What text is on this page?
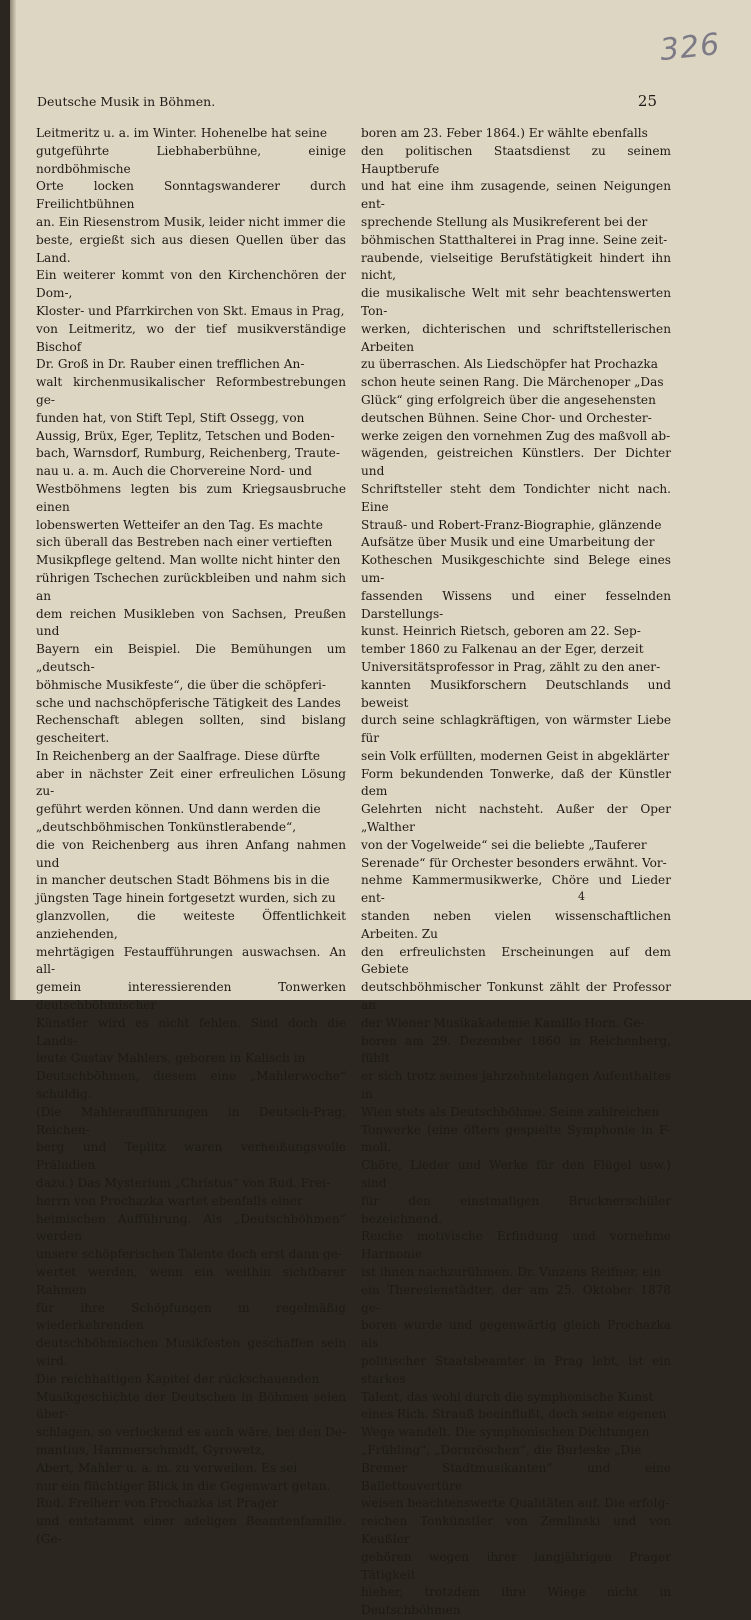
326
Deutsche Musik in Böhmen.	25
Leitmeritz u. a. im Winter. Hohenelbe hat seine
gutgeführte Liebhaberbühne, einige nordböhmische
Orte locken Sonntagswanderer durch Freilichtbühnen
an. Ein Riesenstrom Musik, leider nicht immer die
beste, ergießt sich aus diesen Quellen über das Land.
Ein weiterer kommt von den Kirchenchören der Dom-,
Kloster- und Pfarrkirchen von Skt. Emaus in Prag,
von Leitmeritz, wo der tief musikverständige Bischof
Dr. Groß in Dr. Rauber einen trefflichen An-
walt kirchenmusikalischer Reformbestrebungen ge-
funden hat, von Stift Tepl, Stift Ossegg, von
Aussig, Brüx, Eger, Teplitz, Tetschen und Boden-
bach, Warnsdorf, Rumburg, Reichenberg, Traute-
nau u. a. m. Auch die Chorvereine Nord- und
Westböhmens legten bis zum Kriegsausbruche einen
lobenswerten Wetteifer an den Tag. Es machte
sich überall das Bestreben nach einer vertieften
Musikpflege geltend. Man wollte nicht hinter den
rührigen Tschechen zurückbleiben und nahm sich an
dem reichen Musikleben von Sachsen, Preußen und
Bayern ein Beispiel. Die Bemühungen um „deutsch-
böhmische Musikfeste“, die über die schöpferi-
sche und nachschöpferische Tätigkeit des Landes
Rechenschaft ablegen sollten, sind bislang gescheitert.
In Reichenberg an der Saalfrage. Diese dürfte
aber in nächster Zeit einer erfreulichen Lösung zu-
geführt werden können. Und dann werden die
„deutschböhmischen Tonkünstlerabende“,
die von Reichenberg aus ihren Anfang nahmen und
in mancher deutschen Stadt Böhmens bis in die
jüngsten Tage hinein fortgesetzt wurden, sich zu
glanzvollen, die weiteste Öffentlichkeit anziehenden,
mehrtägigen Festaufführungen auswachsen. An all-
gemein interessierenden Tonwerken deutschböhmischer
Künstler wird es nicht fehlen. Sind doch die Lands-
leute Gustav Mahlers, geboren in Kalisch in
Deutschböhmen, diesem eine „Mahlerwoche“ schuldig.
(Die Mahleraufführungen in Deutsch-Prag, Reichen-
berg und Teplitz waren verheißungsvolle Präludien
dazu.) Das Mysterium „Christus“ von Rud. Frei-
herrn von Prochazka wartet ebenfalls einer
heimischen Aufführung. Als „Deutschböhmen“ werden
unsere schöpferischen Talente doch erst dann ge-
wertet werden, wenn ein weithin sichtbarer Rahmen
für ihre Schöpfungen in regelmäßig wiederkehrenden
deutschböhmischen Musikfesten geschaffen sein wird.
Die reichhaltigen Kapitel der rückschauenden
Musikgeschichte der Deutschen in Böhmen seien über-
schlagen, so verlockend es auch wäre, bei den De-
mantius, Hammerschmidt, Gyrowetz,
Abert, Mahler u. a. m. zu verweilen. Es sei
nur ein flüchtiger Blick in die Gegenwart getan.
Rud. Freiherr von Prochazka ist Prager
und entstammt einer adeligen Beamtenfamilie. (Ge-
boren am 23. Feber 1864.) Er wählte ebenfalls
den politischen Staatsdienst zu seinem Hauptberufe
und hat eine ihm zusagende, seinen Neigungen ent-
sprechende Stellung als Musikreferent bei der
böhmischen Statthalterei in Prag inne. Seine zeit-
raubende, vielseitige Berufstätigkeit hindert ihn nicht,
die musikalische Welt mit sehr beachtenswerten Ton-
werken, dichterischen und schriftstellerischen Arbeiten
zu überraschen. Als Liedschöpfer hat Prochazka
schon heute seinen Rang. Die Märchenoper „Das
Glück“ ging erfolgreich über die angesehensten
deutschen Bühnen. Seine Chor- und Orchester-
werke zeigen den vornehmen Zug des maßvoll ab-
wägenden, geistreichen Künstlers. Der Dichter und
Schriftsteller steht dem Tondichter nicht nach. Eine
Strauß- und Robert-Franz-Biographie, glänzende
Aufsätze über Musik und eine Umarbeitung der
Kotheschen Musikgeschichte sind Belege eines um-
fassenden Wissens und einer fesselnden Darstellungs-
kunst. Heinrich Rietsch, geboren am 22. Sep-
tember 1860 zu Falkenau an der Eger, derzeit
Universitätsprofessor in Prag, zählt zu den aner-
kannten Musikforschern Deutschlands und beweist
durch seine schlagkräftigen, von wärmster Liebe für
sein Volk erfüllten, modernen Geist in abgeklärter
Form bekundenden Tonwerke, daß der Künstler dem
Gelehrten nicht nachsteht. Außer der Oper „Walther
von der Vogelweide“ sei die beliebte „Tauferer
Serenade“ für Orchester besonders erwähnt. Vor-
nehme Kammermusikwerke, Chöre und Lieder ent-
standen neben vielen wissenschaftlichen Arbeiten. Zu
den erfreulichsten Erscheinungen auf dem Gebiete
deutschböhmischer Tonkunst zählt der Professor an
der Wiener Musikakademie Kamillo Horn. Ge-
boren am 29. Dezember 1860 in Reichenberg, fühlt
er sich trotz seines jahrzehntelangen Aufenthaltes in
Wien stets als Deutschböhme. Seine zahlreichen
Tonwerke (eine öfters gespielte Symphonie in F-moll,
Chöre, Lieder und Werke für den Flügel usw.) sind
für den einstmaligen Brucknerschüler bezeichnend.
Reiche motivische Erfindung und vornehme Harmonie
ist ihnen nachzurühmen. Dr. Vinzens Reifner, ein
ein Theresienstädter, der am 25. Oktober 1878 ge-
boren wurde und gegenwärtig gleich Prochazka als
politischer Staatsbeamter in Prag lebt, ist ein starkes
Talent, das wohl durch die symphonische Kunst
eines Rich. Strauß beeinflußt, doch seine eigenen
Wege wandelt. Die symphonischen Dichtungen
„Frühling“, „Dornröschen“, die Burleske „Die
Bremer Stadtmusikanten“ und eine Ballettouvertüre
weisen beachtenswerte Qualitäten auf. Die erfolg-
reichen Tonkünstler von Zemlinski und von Keußler
gehören wegen ihrer langjährigen Prager Tätigkeit
hieher, trotzdem ihre Wiege nicht in Deutschböhmen
4
